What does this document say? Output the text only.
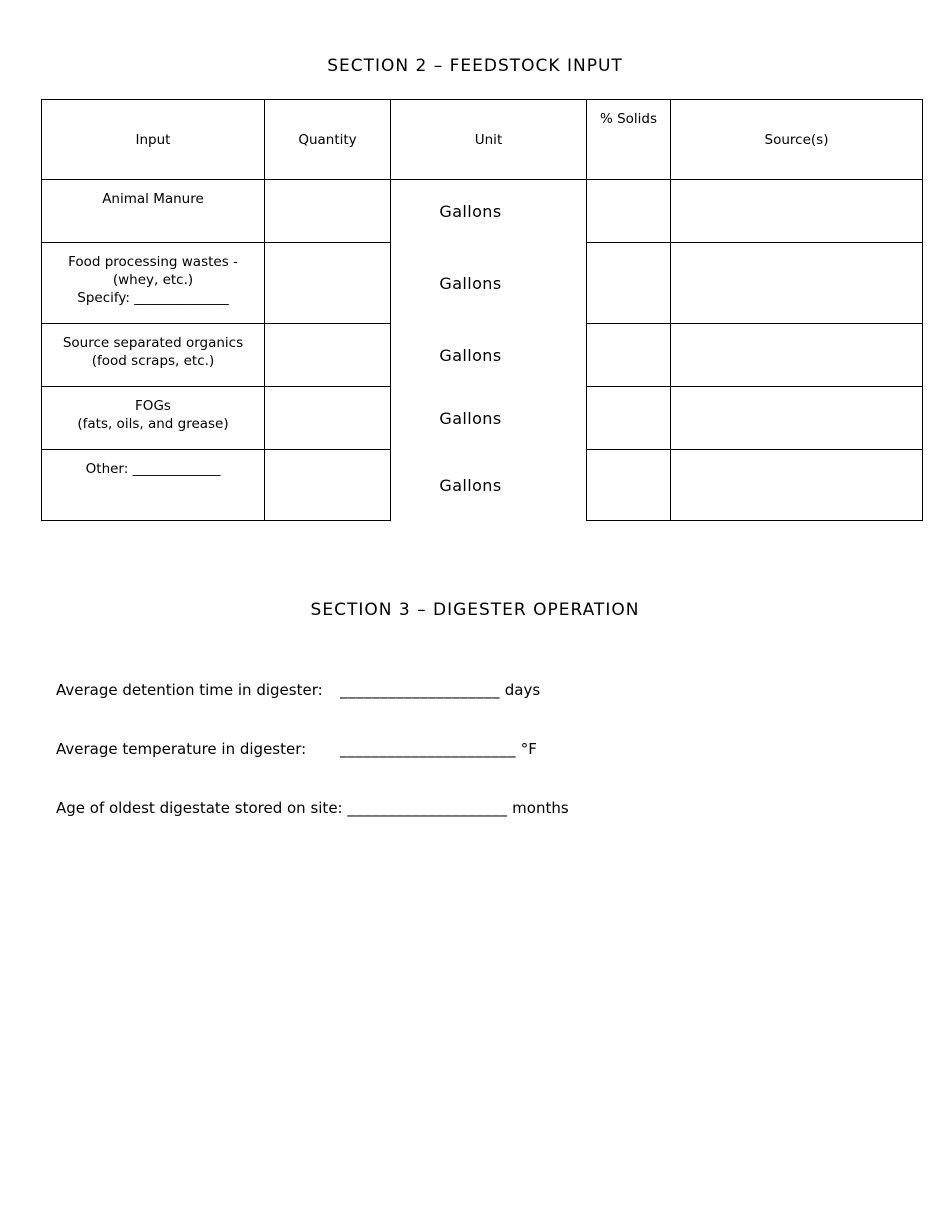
SECTION 2 – FEEDSTOCK INPUT
Input	Quantity	Unit	% Solids	Source(s)
Animal Manure		Gallons		
Food processing wastes -
(whey, etc.)
Specify: ______________		Gallons		
Source separated organics
(food scraps, etc.)		Gallons		
FOGs
(fats, oils, and grease)		Gallons		
Other: _____________		Gallons		
SECTION 3 – DIGESTER OPERATION

Average detention time in digester: ____________________ days

Average temperature in digester: ______________________ °F

Age of oldest digestate stored on site: ____________________ months
